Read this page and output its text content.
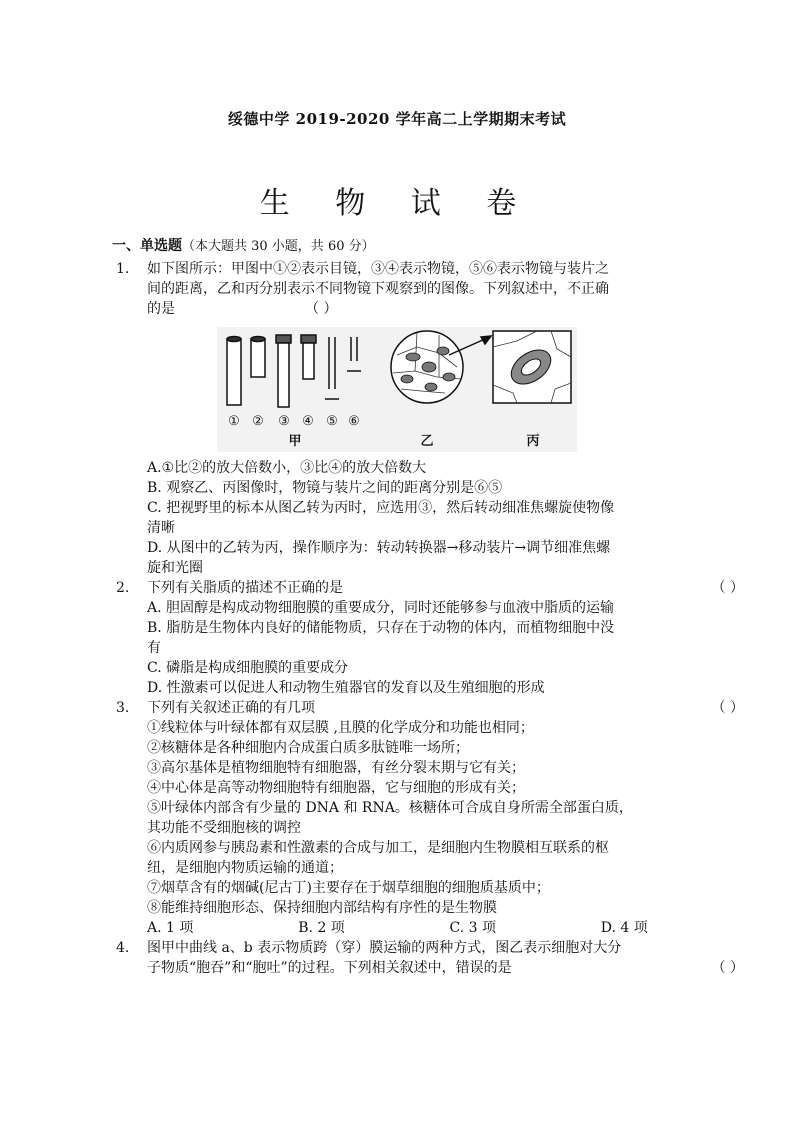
绥德中学 2019-2020 学年高二上学期期末考试
生 物 试 卷
一、单选题（本大题共 30 小题，共 60 分）
1. 如下图所示：甲图中①②表示目镜，③④表示物镜，⑤⑥表示物镜与装片之
间的距离，乙和丙分别表示不同物镜下观察到的图像。下列叙述中，不正确
的是	（ ）
① ② ③ ④ ⑤ ⑥
甲	乙	丙
A.①比②的放大倍数小，③比④的放大倍数大
B. 观察乙、丙图像时，物镜与装片之间的距离分别是⑥⑤
C. 把视野里的标本从图乙转为丙时，应选用③，然后转动细准焦螺旋使物像
清晰
D. 从图中的乙转为丙，操作顺序为：转动转换器→移动装片→调节细准焦螺
旋和光圈
2. 下列有关脂质的描述不正确的是	（ ）
A. 胆固醇是构成动物细胞膜的重要成分，同时还能够参与血液中脂质的运输
B. 脂肪是生物体内良好的储能物质，只存在于动物的体内，而植物细胞中没
有
C. 磷脂是构成细胞膜的重要成分
D. 性激素可以促进人和动物生殖器官的发育以及生殖细胞的形成
3. 下列有关叙述正确的有几项	（ ）
①线粒体与叶绿体都有双层膜 ,且膜的化学成分和功能也相同；
②核糖体是各种细胞内合成蛋白质多肽链唯一场所；
③高尔基体是植物细胞特有细胞器，有丝分裂末期与它有关；
④中心体是高等动物细胞特有细胞器，它与细胞的形成有关；
⑤叶绿体内部含有少量的 DNA 和 RNA。核糖体可合成自身所需全部蛋白质，
其功能不受细胞核的调控
⑥内质网参与胰岛素和性激素的合成与加工，是细胞内生物膜相互联系的枢
纽，是细胞内物质运输的通道；
⑦烟草含有的烟碱(尼古丁)主要存在于烟草细胞的细胞质基质中；
⑧能维持细胞形态、保持细胞内部结构有序性的是生物膜
A. 1 项	B. 2 项	C. 3 项	D. 4 项
4. 图甲中曲线 a、b 表示物质跨（穿）膜运输的两种方式，图乙表示细胞对大分
子物质“胞吞”和“胞吐”的过程。下列相关叙述中，错误的是	（ ）
